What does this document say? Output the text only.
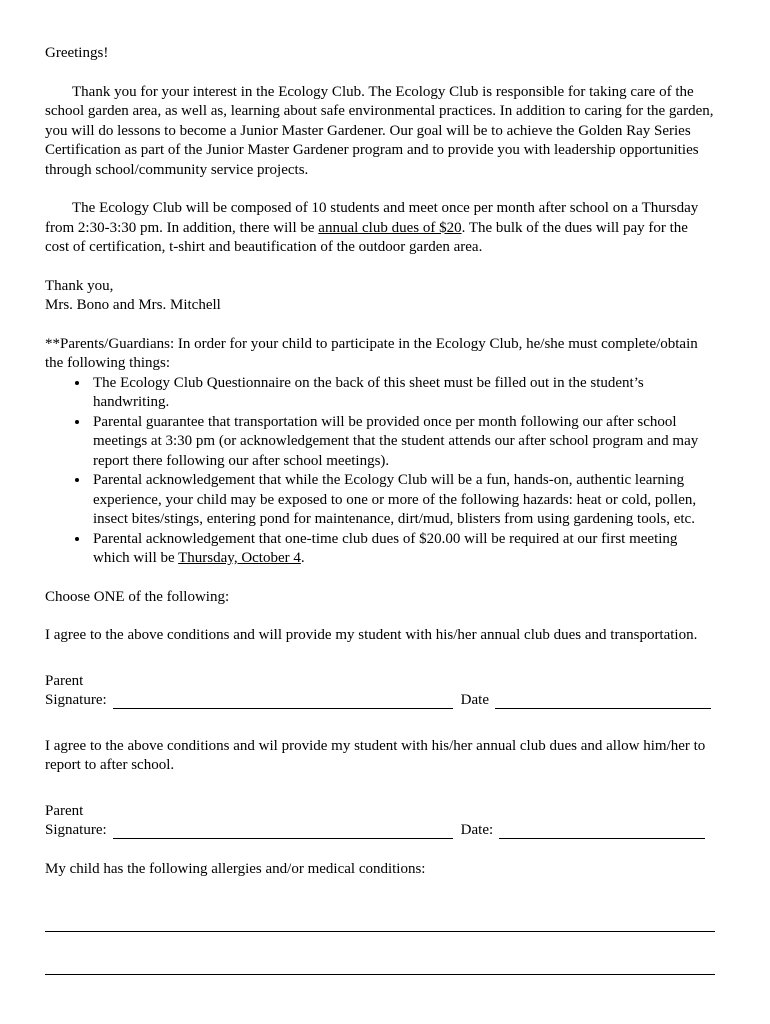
Greetings!

Thank you for your interest in the Ecology Club. The Ecology Club is responsible for taking care of the school garden area, as well as, learning about safe environmental practices. In addition to caring for the garden, you will do lessons to become a Junior Master Gardener. Our goal will be to achieve the Golden Ray Series Certification as part of the Junior Master Gardener program and to provide you with leadership opportunities through school/community service projects.

The Ecology Club will be composed of 10 students and meet once per month after school on a Thursday from 2:30-3:30 pm. In addition, there will be annual club dues of $20. The bulk of the dues will pay for the cost of certification, t-shirt and beautification of the outdoor garden area.

Thank you,
Mrs. Bono and Mrs. Mitchell

**Parents/Guardians: In order for your child to participate in the Ecology Club, he/she must complete/obtain the following things:

• The Ecology Club Questionnaire on the back of this sheet must be filled out in the student’s handwriting.
• Parental guarantee that transportation will be provided once per month following our after school meetings at 3:30 pm (or acknowledgement that the student attends our after school program and may report there following our after school meetings).
• Parental acknowledgement that while the Ecology Club will be a fun, hands-on, authentic learning experience, your child may be exposed to one or more of the following hazards: heat or cold, pollen, insect bites/stings, entering pond for maintenance, dirt/mud, blisters from using gardening tools, etc.
• Parental acknowledgement that one-time club dues of $20.00 will be required at our first meeting which will be Thursday, October 4.

Choose ONE of the following:

I agree to the above conditions and will provide my student with his/her annual club dues and transportation.

Parent
Signature:	Date

I agree to the above conditions and wil provide my student with his/her annual club dues and allow him/her to report to after school.

Parent
Signature:	Date:

My child has the following allergies and/or medical conditions:
